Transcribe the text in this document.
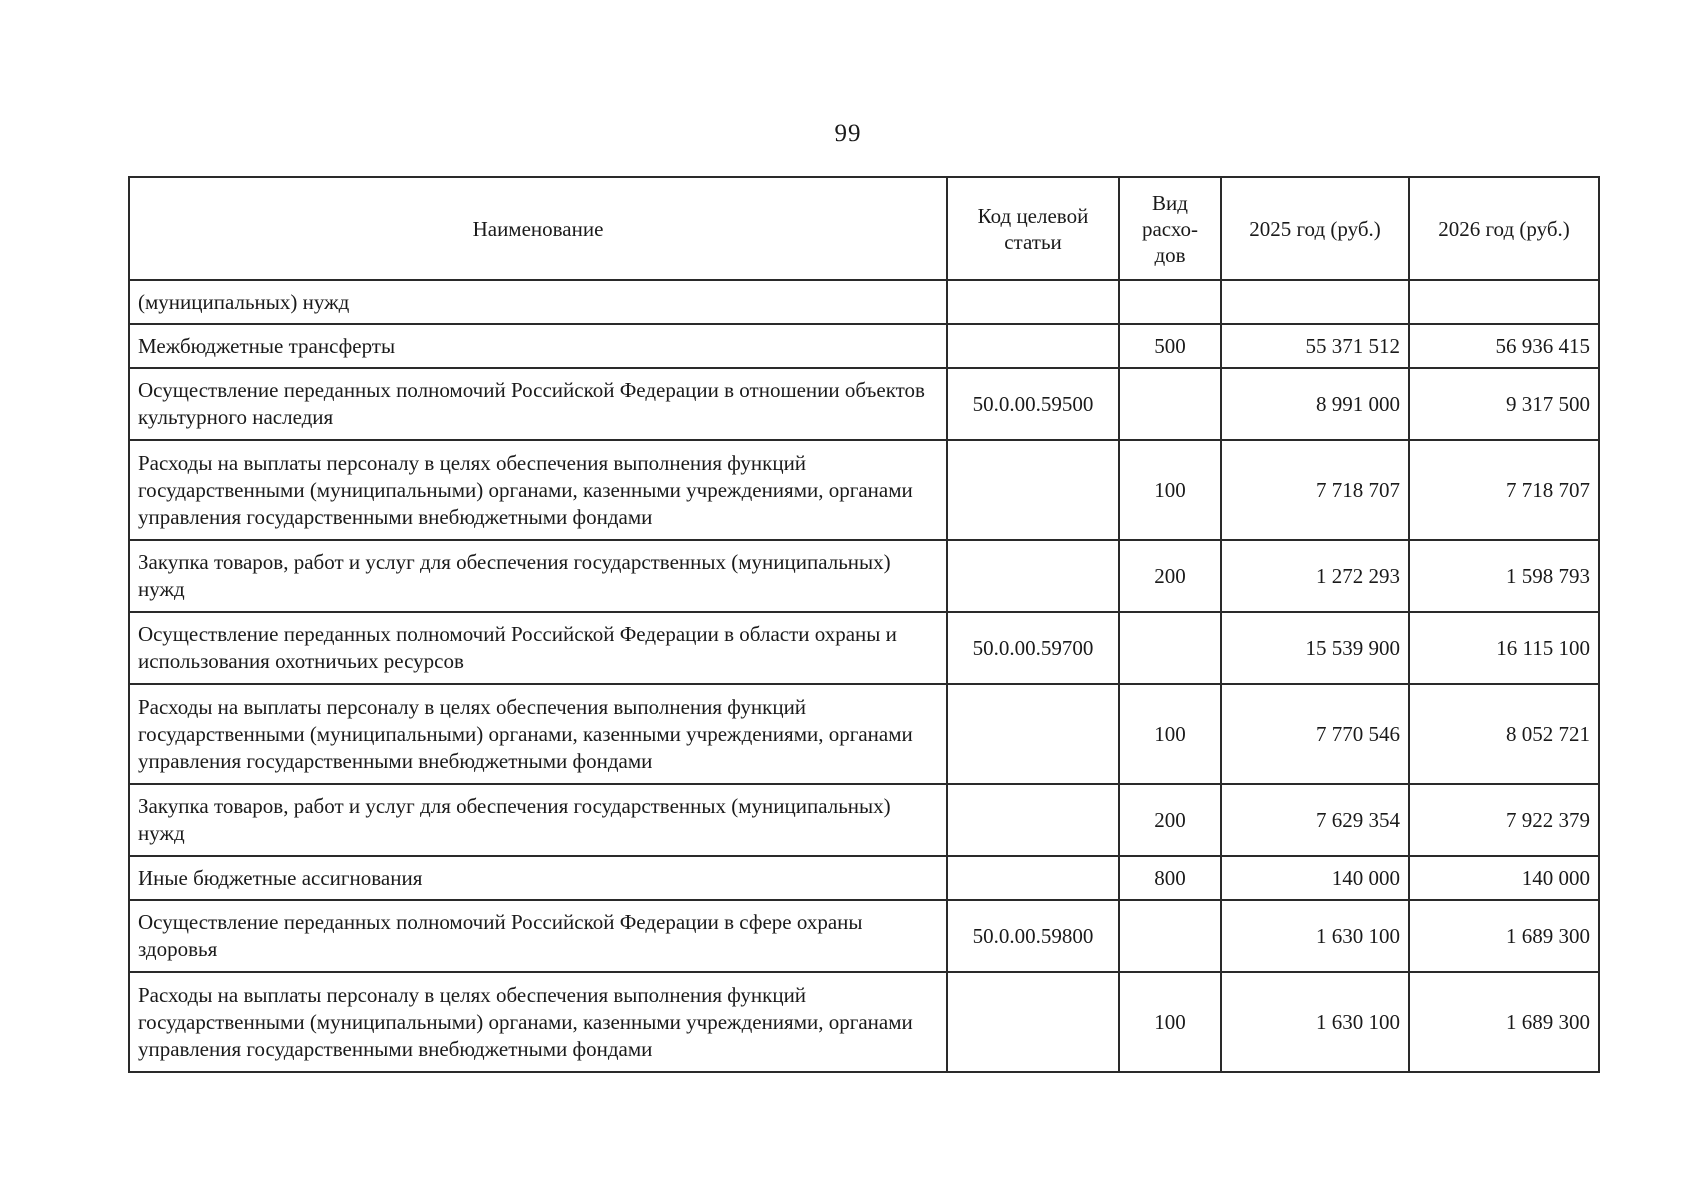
99
Наименование	Код целевой статьи	Вид расхо-дов	2025 год (руб.)	2026 год (руб.)
(муниципальных) нужд				
Межбюджетные трансферты		500	55 371 512	56 936 415
Осуществление переданных полномочий Российской Федерации в отношении объектов культурного наследия	50.0.00.59500		8 991 000	9 317 500
Расходы на выплаты персоналу в целях обеспечения выполнения функций государственными (муниципальными) органами, казенными учреждениями, органами управления государственными внебюджетными фондами		100	7 718 707	7 718 707
Закупка товаров, работ и услуг для обеспечения государственных (муниципальных) нужд		200	1 272 293	1 598 793
Осуществление переданных полномочий Российской Федерации в области охраны и использования охотничьих ресурсов	50.0.00.59700		15 539 900	16 115 100
Расходы на выплаты персоналу в целях обеспечения выполнения функций государственными (муниципальными) органами, казенными учреждениями, органами управления государственными внебюджетными фондами		100	7 770 546	8 052 721
Закупка товаров, работ и услуг для обеспечения государственных (муниципальных) нужд		200	7 629 354	7 922 379
Иные бюджетные ассигнования		800	140 000	140 000
Осуществление переданных полномочий Российской Федерации в сфере охраны здоровья	50.0.00.59800		1 630 100	1 689 300
Расходы на выплаты персоналу в целях обеспечения выполнения функций государственными (муниципальными) органами, казенными учреждениями, органами управления государственными внебюджетными фондами		100	1 630 100	1 689 300
